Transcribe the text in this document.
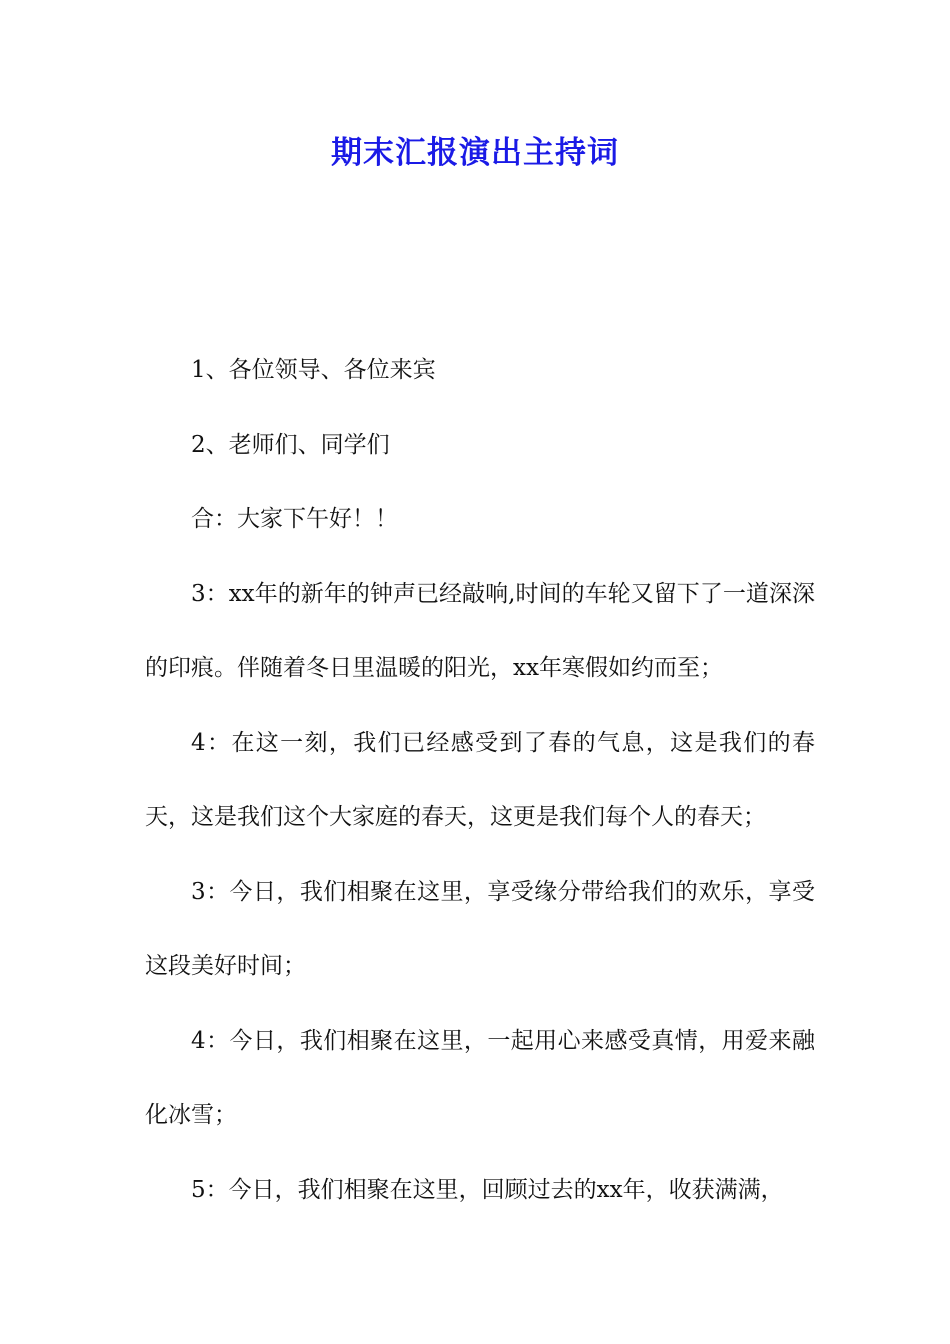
期末汇报演出主持词

1、各位领导、各位来宾

2、老师们、同学们

合：大家下午好！！

3：xx年的新年的钟声已经敲响,时间的车轮又留下了一道深深的印痕。伴随着冬日里温暖的阳光，xx年寒假如约而至；

4：在这一刻，我们已经感受到了春的气息，这是我们的春天，这是我们这个大家庭的春天，这更是我们每个人的春天；

3：今日，我们相聚在这里，享受缘分带给我们的欢乐，享受这段美好时间；

4：今日，我们相聚在这里，一起用心来感受真情，用爱来融化冰雪；

5：今日，我们相聚在这里，回顾过去的xx年，收获满满，
